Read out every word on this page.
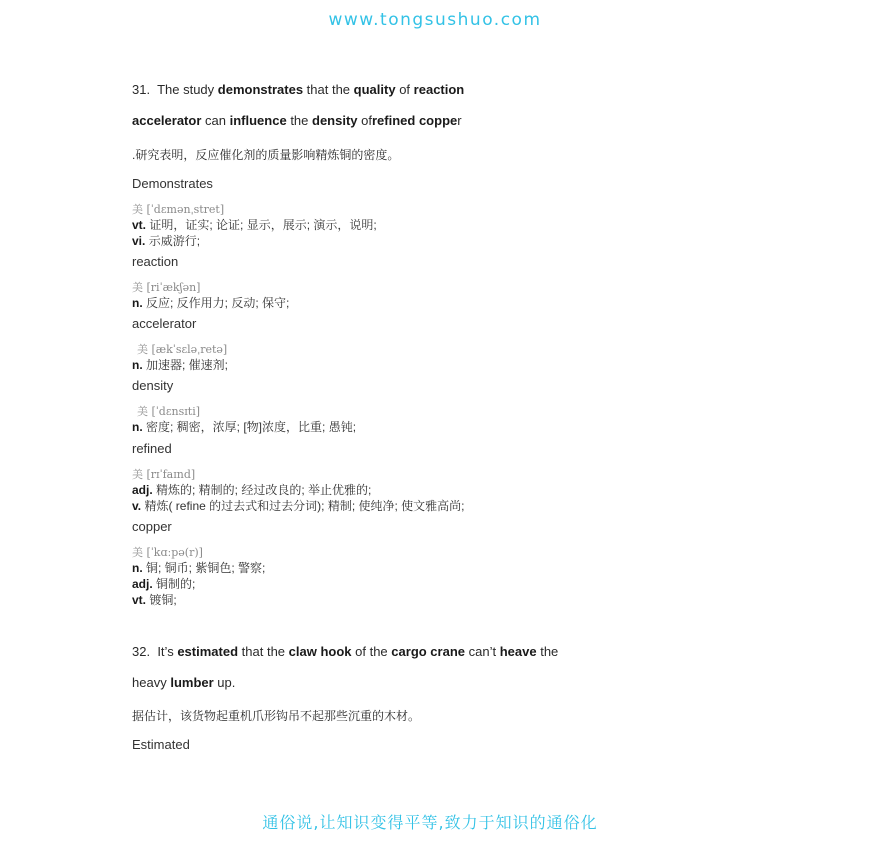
www.tongsushuo.com
31. The study demonstrates that the quality of reaction
accelerator can influence the density ofrefined copper
.研究表明，反应催化剂的质量影响精炼铜的密度。
Demonstrates
美 [ˈdɛmənˌstret]
vt. 证明，证实; 论证; 显示，展示; 演示，说明;
vi. 示威游行;
reaction
美 [riˈækʃən]
n. 反应; 反作用力; 反动; 保守;
accelerator
美 [ækˈsɛləˌretə]
n. 加速器; 催速剂;
density
美 [ˈdɛnsɪti]
n. 密度; 稠密，浓厚; [物]浓度，比重; 愚钝;
refined
美 [rɪˈfaɪnd]
adj. 精炼的; 精制的; 经过改良的; 举止优雅的;
v. 精炼( refine 的过去式和过去分词); 精制; 使纯净; 使文雅高尚;
copper
美 [ˈkɑːpə(r)]
n. 铜; 铜币; 紫铜色; 警察;
adj. 铜制的;
vt. 镀铜;
32. It’s estimated that the claw hook of the cargo crane can’t heave the
heavy lumber up.
据估计，该货物起重机爪形钩吊不起那些沉重的木材。
Estimated
通俗说,让知识变得平等,致力于知识的通俗化
